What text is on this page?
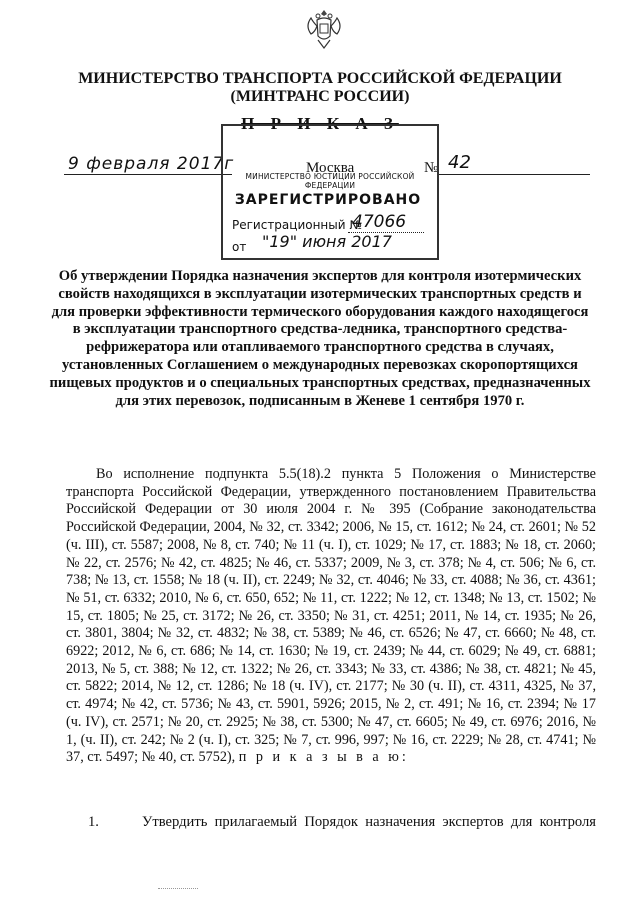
МИНИСТЕРСТВО ТРАНСПОРТА РОССИЙСКОЙ ФЕДЕРАЦИИ
(МИНТРАНС РОССИИ)
П Р И К А З
9 февраля 2017г	Москва	№ 42
МИНИСТЕРСТВО ЮСТИЦИИ РОССИЙСКОЙ ФЕДЕРАЦИИ
ЗАРЕГИСТРИРОВАНО
Регистрационный №
47066
от "19" июня 2017
Об утверждении Порядка назначения экспертов для контроля изотермических свойств находящихся в эксплуатации изотермических транспортных средств и для проверки эффективности термического оборудования каждого находящегося в эксплуатации транспортного средства-ледника, транспортного средства-рефрижератора или отапливаемого транспортного средства в случаях, установленных Соглашением о международных перевозках скоропортящихся пищевых продуктов и о специальных транспортных средствах, предназначенных для этих перевозок, подписанным в Женеве 1 сентября 1970 г.
Во исполнение подпункта 5.5(18).2 пункта 5 Положения о Министерстве транспорта Российской Федерации, утвержденного постановлением Правительства Российской Федерации от 30 июля 2004 г. № 395 (Собрание законодательства Российской Федерации, 2004, № 32, ст. 3342; 2006, № 15, ст. 1612; № 24, ст. 2601; № 52 (ч. III), ст. 5587; 2008, № 8, ст. 740; № 11 (ч. I), ст. 1029; № 17, ст. 1883; № 18, ст. 2060; № 22, ст. 2576; № 42, ст. 4825; № 46, ст. 5337; 2009, № 3, ст. 378; № 4, ст. 506; № 6, ст. 738; № 13, ст. 1558; № 18 (ч. II), ст. 2249; № 32, ст. 4046; № 33, ст. 4088; № 36, ст. 4361; № 51, ст. 6332; 2010, № 6, ст. 650, 652; № 11, ст. 1222; № 12, ст. 1348; № 13, ст. 1502; № 15, ст. 1805; № 25, ст. 3172; № 26, ст. 3350; № 31, ст. 4251; 2011, № 14, ст. 1935; № 26, ст. 3801, 3804; № 32, ст. 4832; № 38, ст. 5389; № 46, ст. 6526; № 47, ст. 6660; № 48, ст. 6922; 2012, № 6, ст. 686; № 14, ст. 1630; № 19, ст. 2439; № 44, ст. 6029; № 49, ст. 6881; 2013, № 5, ст. 388; № 12, ст. 1322; № 26, ст. 3343; № 33, ст. 4386; № 38, ст. 4821; № 45, ст. 5822; 2014, № 12, ст. 1286; № 18 (ч. IV), ст. 2177; № 30 (ч. II), ст. 4311, 4325, № 37, ст. 4974; № 42, ст. 5736; № 43, ст. 5901, 5926; 2015, № 2, ст. 491; № 16, ст. 2394; № 17 (ч. IV), ст. 2571; № 20, ст. 2925; № 38, ст. 5300; № 47, ст. 6605; № 49, ст. 6976; 2016, № 1, (ч. II), ст. 242; № 2 (ч. I), ст. 325; № 7, ст. 996, 997; № 16, ст. 2229; № 28, ст. 4741; № 37, ст. 5497; № 40, ст. 5752), п р и к а з ы в а ю:
1.	Утвердить прилагаемый Порядок назначения экспертов для контроля
